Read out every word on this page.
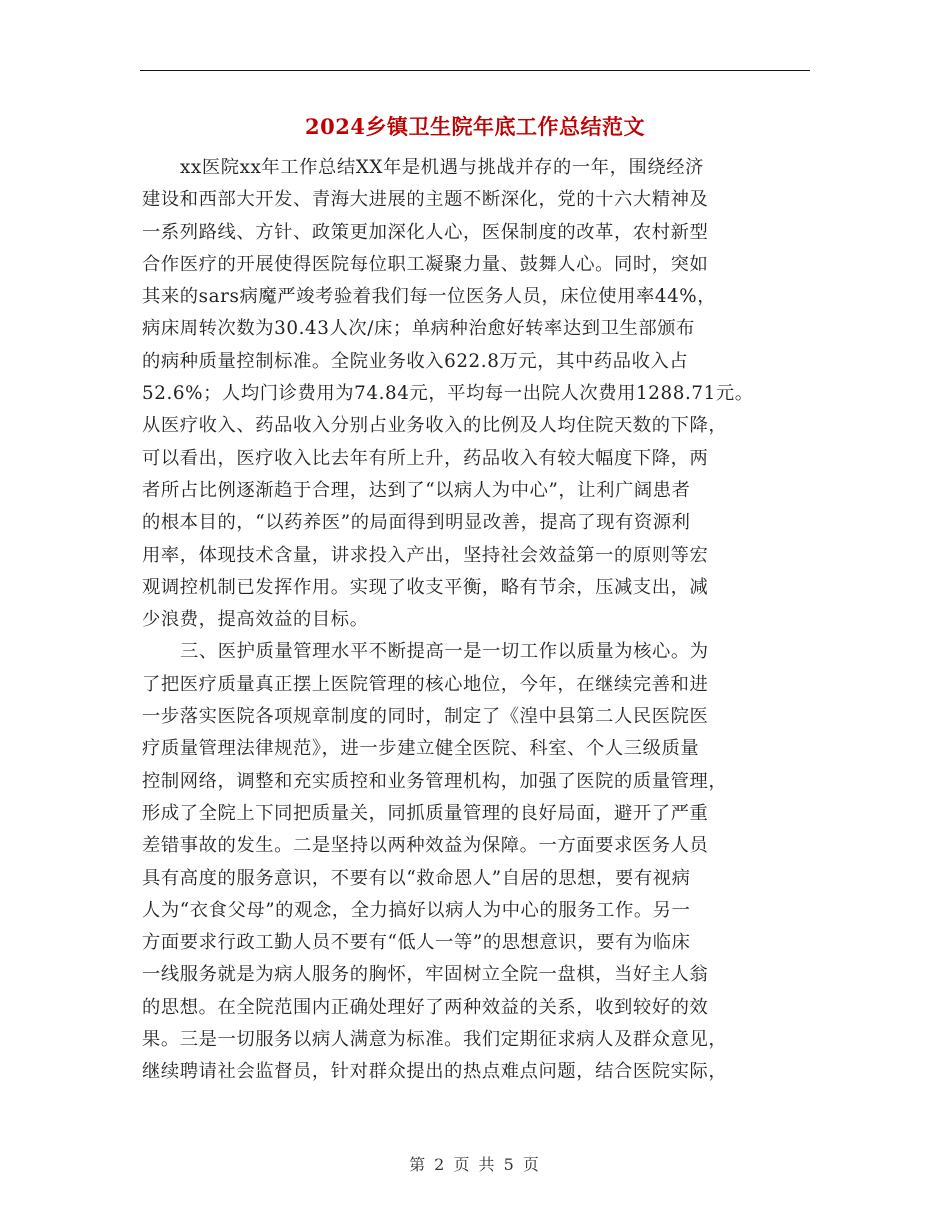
2024乡镇卫生院年底工作总结范文
xx医院xx年工作总结XX年是机遇与挑战并存的一年，围绕经济
建设和西部大开发、青海大进展的主题不断深化，党的十六大精神及
一系列路线、方针、政策更加深化人心，医保制度的改革，农村新型
合作医疗的开展使得医院每位职工凝聚力量、鼓舞人心。同时，突如
其来的sars病魔严竣考验着我们每一位医务人员，床位使用率44%，
病床周转次数为30.43人次/床；单病种治愈好转率达到卫生部颁布
的病种质量控制标准。全院业务收入622.8万元，其中药品收入占
52.6%；人均门诊费用为74.84元，平均每一出院人次费用1288.71元。
从医疗收入、药品收入分别占业务收入的比例及人均住院天数的下降，
可以看出，医疗收入比去年有所上升，药品收入有较大幅度下降，两
者所占比例逐渐趋于合理，达到了“以病人为中心”，让利广阔患者
的根本目的，“以药养医”的局面得到明显改善，提高了现有资源利
用率，体现技术含量，讲求投入产出，坚持社会效益第一的原则等宏
观调控机制已发挥作用。实现了收支平衡，略有节余，压减支出，减
少浪费，提高效益的目标。
三、医护质量管理水平不断提高一是一切工作以质量为核心。为
了把医疗质量真正摆上医院管理的核心地位，今年，在继续完善和进
一步落实医院各项规章制度的同时，制定了《湟中县第二人民医院医
疗质量管理法律规范》，进一步建立健全医院、科室、个人三级质量
控制网络，调整和充实质控和业务管理机构，加强了医院的质量管理，
形成了全院上下同把质量关，同抓质量管理的良好局面，避开了严重
差错事故的发生。二是坚持以两种效益为保障。一方面要求医务人员
具有高度的服务意识，不要有以“救命恩人”自居的思想，要有视病
人为“衣食父母”的观念，全力搞好以病人为中心的服务工作。另一
方面要求行政工勤人员不要有“低人一等”的思想意识，要有为临床
一线服务就是为病人服务的胸怀，牢固树立全院一盘棋，当好主人翁
的思想。在全院范围内正确处理好了两种效益的关系，收到较好的效
果。三是一切服务以病人满意为标准。我们定期征求病人及群众意见，
继续聘请社会监督员，针对群众提出的热点难点问题，结合医院实际，
第 2 页 共 5 页
